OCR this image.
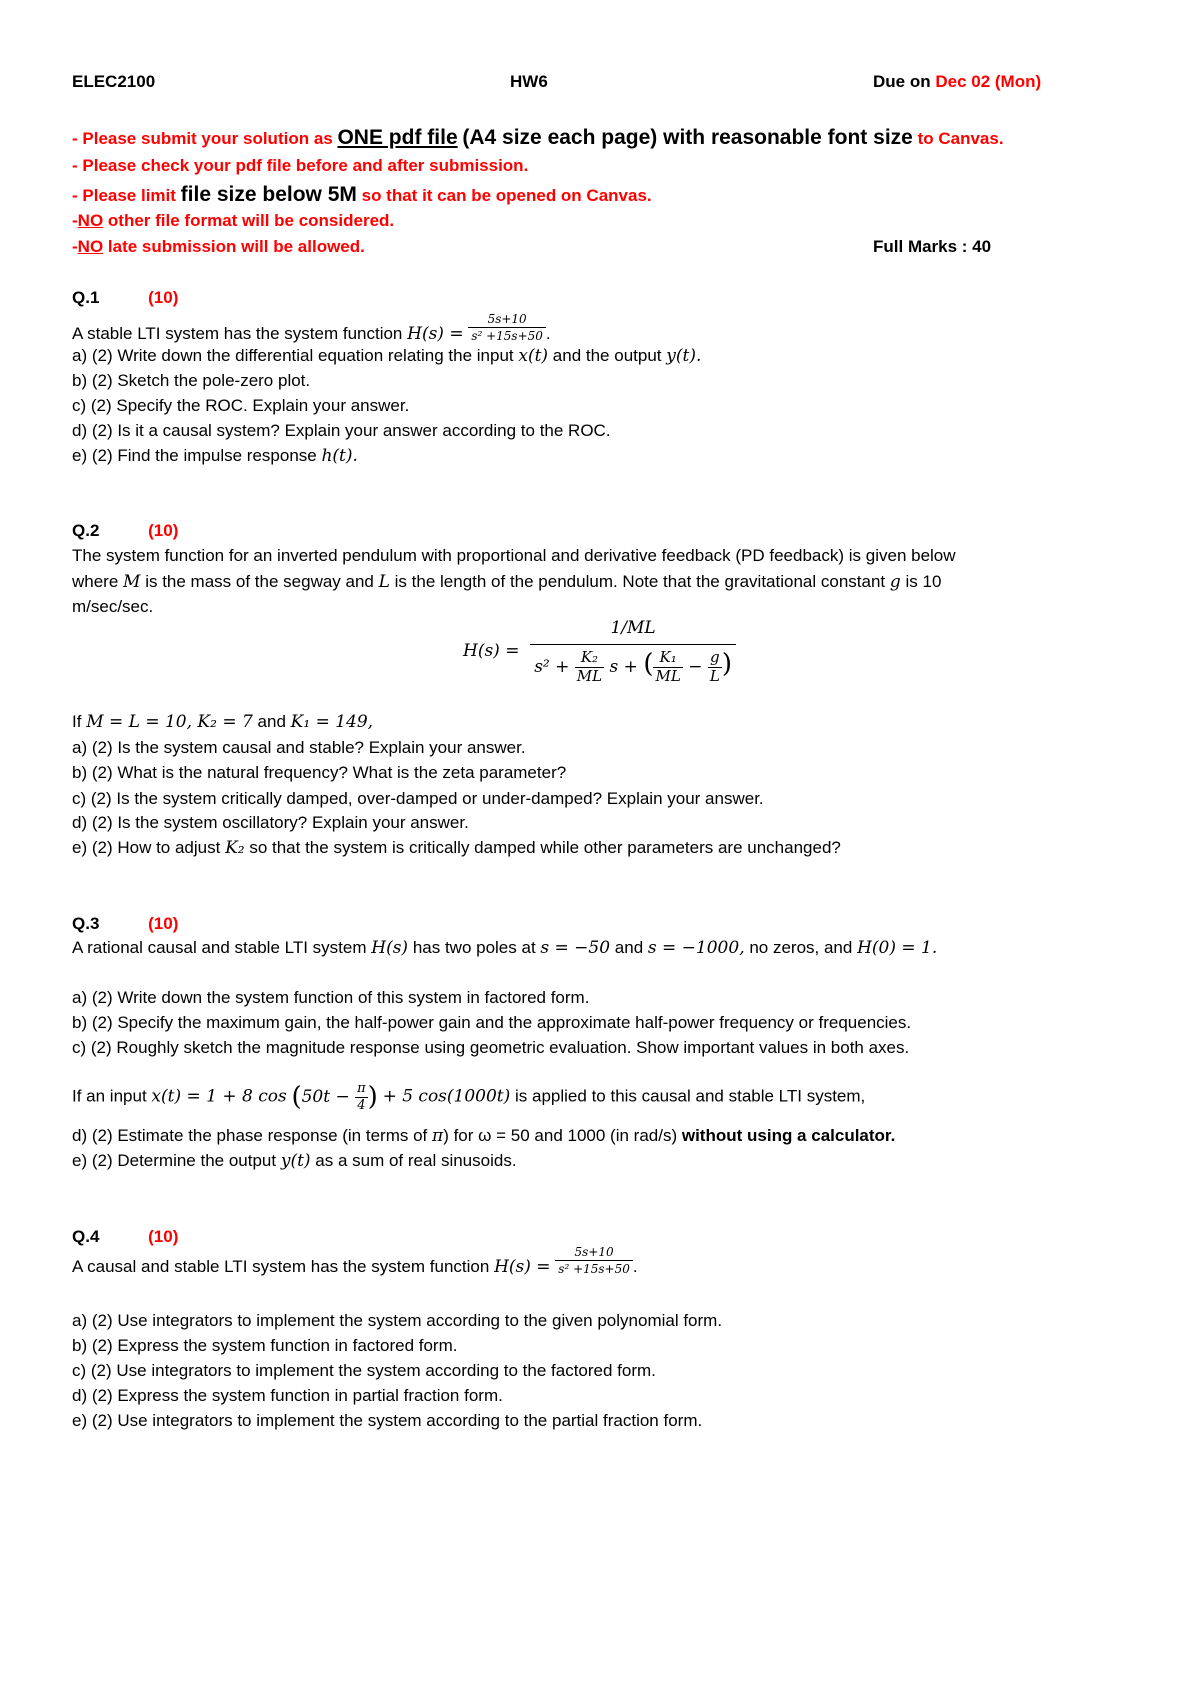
ELEC2100	HW6	Due on Dec 02 (Mon)
- Please submit your solution as ONE pdf file (A4 size each page) with reasonable font size to Canvas.
- Please check your pdf file before and after submission.
- Please limit file size below 5M so that it can be opened on Canvas.
-NO other file format will be considered.
-NO late submission will be allowed.	Full Marks : 40
Q.1	(10)
A stable LTI system has the system function $H(s) = \frac{5s+10}{\text{s² +15s+50}}$ .
a) (2) Write down the differential equation relating the input x(t) and the output y(t).
b) (2) Sketch the pole-zero plot.
c) (2) Specify the ROC. Explain your answer.
d) (2) Is it a causal system? Explain your answer according to the ROC.
e) (2) Find the impulse response h(t).
Q.2	(10)
The system function for an inverted pendulum with proportional and derivative feedback (PD feedback) is given below
where M is the mass of the segway and L is the length of the pendulum. Note that the gravitational constant g is 10
m/sec/sec.
$H(s) = \frac{1/ML}{s^2 + \frac{\text{K₂}}{ML} s + ( \frac{\text{K₁}}{ML} - \frac{g}{L} )}$
If M = L = 10, K₂ = 7 and K₁ = 149,
a) (2) Is the system causal and stable? Explain your answer.
b) (2) What is the natural frequency? What is the zeta parameter?
c) (2) Is the system critically damped, over-damped or under-damped? Explain your answer.
d) (2) Is the system oscillatory? Explain your answer.
e) (2) How to adjust K₂ so that the system is critically damped while other parameters are unchanged?
Q.3	(10)
A rational causal and stable LTI system H(s) has two poles at s = −50 and s = −1000, no zeros, and H(0) = 1.
a) (2) Write down the system function of this system in factored form.
b) (2) Specify the maximum gain, the half-power gain and the approximate half-power frequency or frequencies.
c) (2) Roughly sketch the magnitude response using geometric evaluation. Show important values in both axes.
If an input x(t) = 1 + 8 $\cos (50t - \frac{\pi}{4}$ ) + 5 cos(1000t) is applied to this causal and stable LTI system,
d) (2) Estimate the phase response (in terms of π) for ω = 50 and 1000 (in rad/s) without using a calculator.
e) (2) Determine the output y(t) as a sum of real sinusoids.
Q.4	(10)
A causal and stable LTI system has the system function $H(s) = \frac{5s+10}{\text{s² +15s+50}}$ .
a) (2) Use integrators to implement the system according to the given polynomial form.
b) (2) Express the system function in factored form.
c) (2) Use integrators to implement the system according to the factored form.
d) (2) Express the system function in partial fraction form.
e) (2) Use integrators to implement the system according to the partial fraction form.
